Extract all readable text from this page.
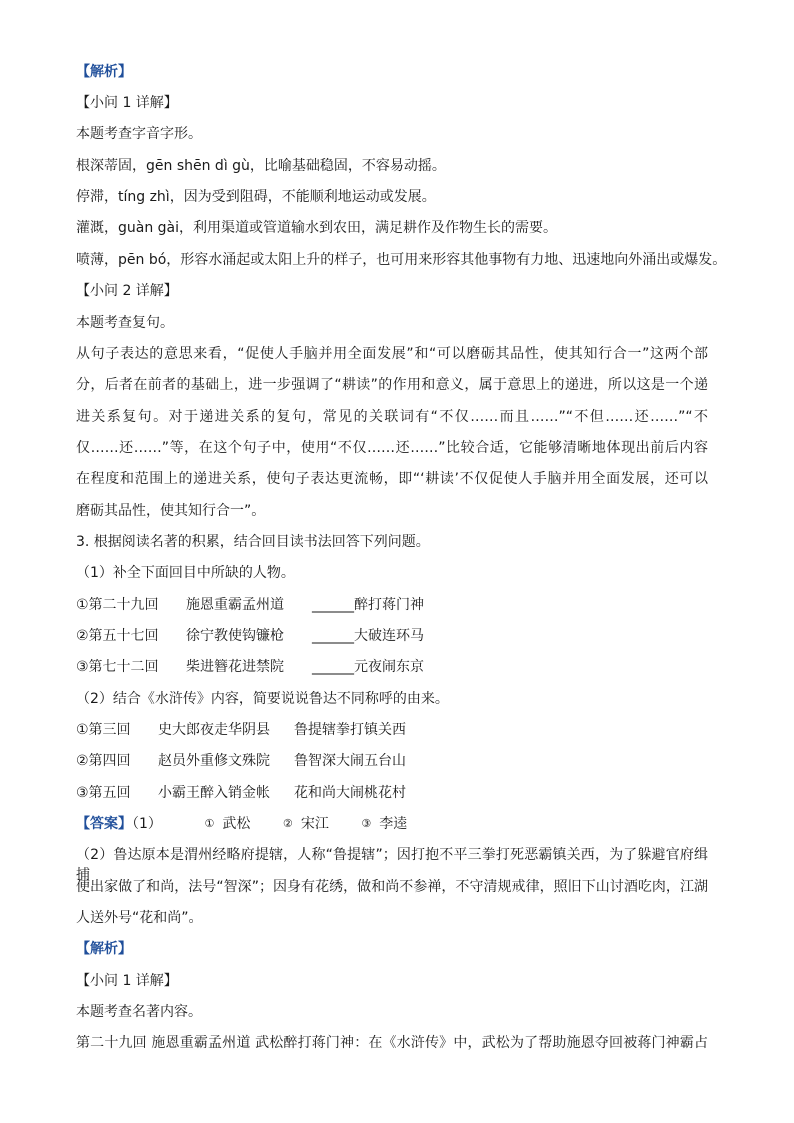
【解析】
【小问 1 详解】
本题考查字音字形。
根深蒂固，gēn shēn dì gù，比喻基础稳固，不容易动摇。
停滞，tíng zhì，因为受到阻碍，不能顺利地运动或发展。
灌溉，guàn gài，利用渠道或管道输水到农田，满足耕作及作物生长的需要。
喷薄，pēn bó，形容水涌起或太阳上升的样子，也可用来形容其他事物有力地、迅速地向外涌出或爆发。
【小问 2 详解】
本题考查复句。
从句子表达的意思来看，“促使人手脑并用全面发展”和“可以磨砺其品性，使其知行合一”这两个部
分，后者在前者的基础上，进一步强调了“耕读”的作用和意义，属于意思上的递进，所以这是一个递
进关系复句。对于递进关系的复句，常见的关联词有“不仅……而且……”“不但……还……”“不
仅……还……”等，在这个句子中，使用“不仅……还……”比较合适，它能够清晰地体现出前后内容
在程度和范围上的递进关系，使句子表达更流畅，即“‘耕读’不仅促使人手脑并用全面发展，还可以
磨砺其品性，使其知行合一”。
3. 根据阅读名著的积累，结合回目读书法回答下列问题。
（1）补全下面回目中所缺的人物。
①第二十九回 施恩重霸孟州道 ______醉打蒋门神
②第五十七回 徐宁教使钩镰枪 ______大破连环马
③第七十二回 柴进簪花进禁院 ______元夜闹东京
（2）结合《水浒传》内容，简要说说鲁达不同称呼的由来。
①第三回 史大郎夜走华阴县 鲁提辖拳打镇关西
②第四回 赵员外重修文殊院 鲁智深大闹五台山
③第五回 小霸王醉入销金帐 花和尚大闹桃花村
【答案】（1）	① 武松	② 宋江	③ 李逵
（2）鲁达原本是渭州经略府提辖，人称“鲁提辖”；因打抱不平三拳打死恶霸镇关西，为了躲避官府缉捕
便出家做了和尚，法号“智深”；因身有花绣，做和尚不参禅，不守清规戒律，照旧下山讨酒吃肉，江湖
人送外号“花和尚”。
【解析】
【小问 1 详解】
本题考查名著内容。
第二十九回 施恩重霸孟州道 武松醉打蒋门神：在《水浒传》中，武松为了帮助施恩夺回被蒋门神霸占
